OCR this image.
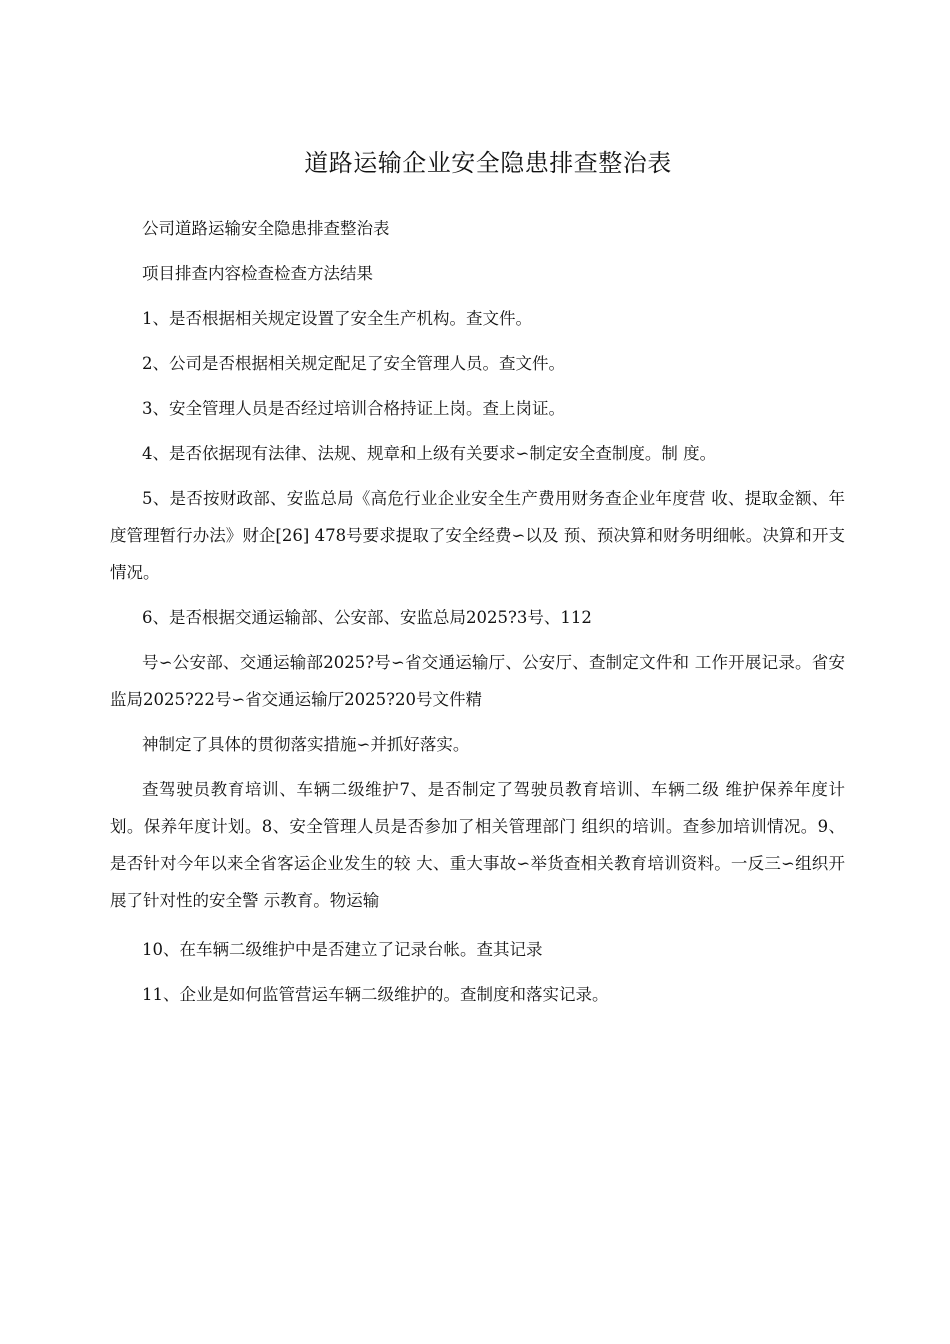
道路运输企业安全隐患排查整治表

公司道路运输安全隐患排查整治表

项目排查内容检查检查方法结果

1、是否根据相关规定设置了安全生产机构。查文件。

2、公司是否根据相关规定配足了安全管理人员。查文件。

3、安全管理人员是否经过培训合格持证上岗。查上岗证。

4、是否依据现有法律、法规、规章和上级有关要求∽制定安全查制度。制 度。

5、是否按财政部、安监总局《高危行业企业安全生产费用财务查企业年度营 收、提取金额、年度管理暂行办法》财企[26] 478号要求提取了安全经费∽以及 预、预决算和财务明细帐。决算和开支情况。

6、是否根据交通运输部、公安部、安监总局2025?3号、112

号∽公安部、交通运输部2025?号∽省交通运输厅、公安厅、查制定文件和 工作开展记录。省安监局2025?22号∽省交通运输厅2025?20号文件精

神制定了具体的贯彻落实措施∽并抓好落实。

查驾驶员教育培训、车辆二级维护7、是否制定了驾驶员教育培训、车辆二级 维护保养年度计划。保养年度计划。8、安全管理人员是否参加了相关管理部门 组织的培训。查参加培训情况。9、是否针对今年以来全省客运企业发生的较 大、重大事故∽举货查相关教育培训资料。一反三∽组织开展了针对性的安全警 示教育。物运输

10、在车辆二级维护中是否建立了记录台帐。查其记录

11、企业是如何监管营运车辆二级维护的。查制度和落实记录。
